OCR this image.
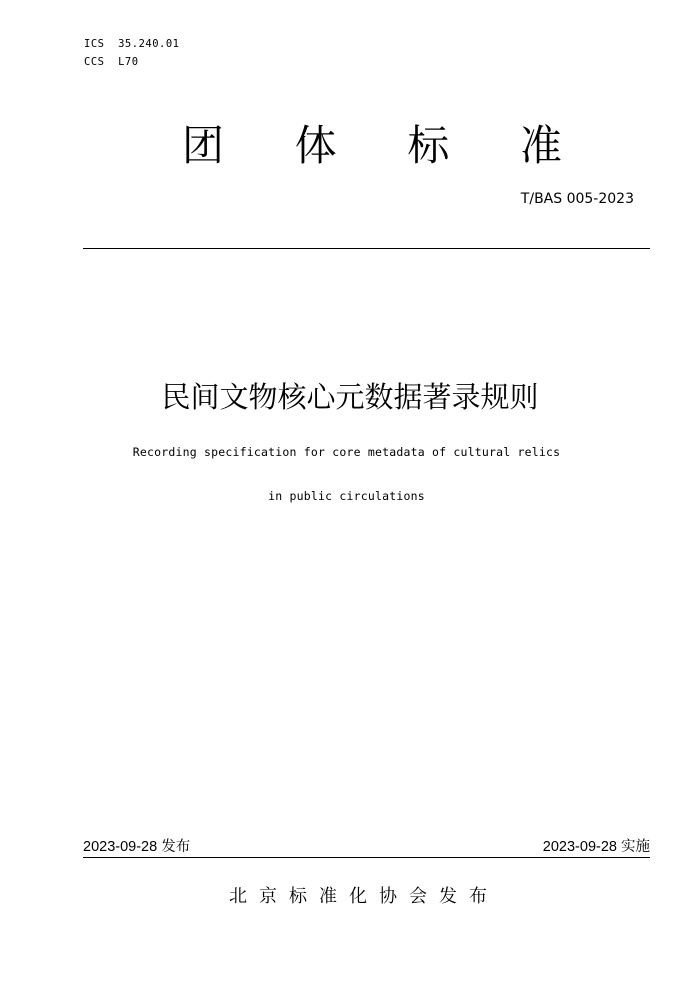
ICS  35.240.01
CCS  L70
团 体 标 准
T/BAS 005-2023
民间文物核心元数据著录规则
Recording specification for core metadata of cultural relics
in public circulations
2023-09-28 发布	2023-09-28 实施
北京标准化协会发布
